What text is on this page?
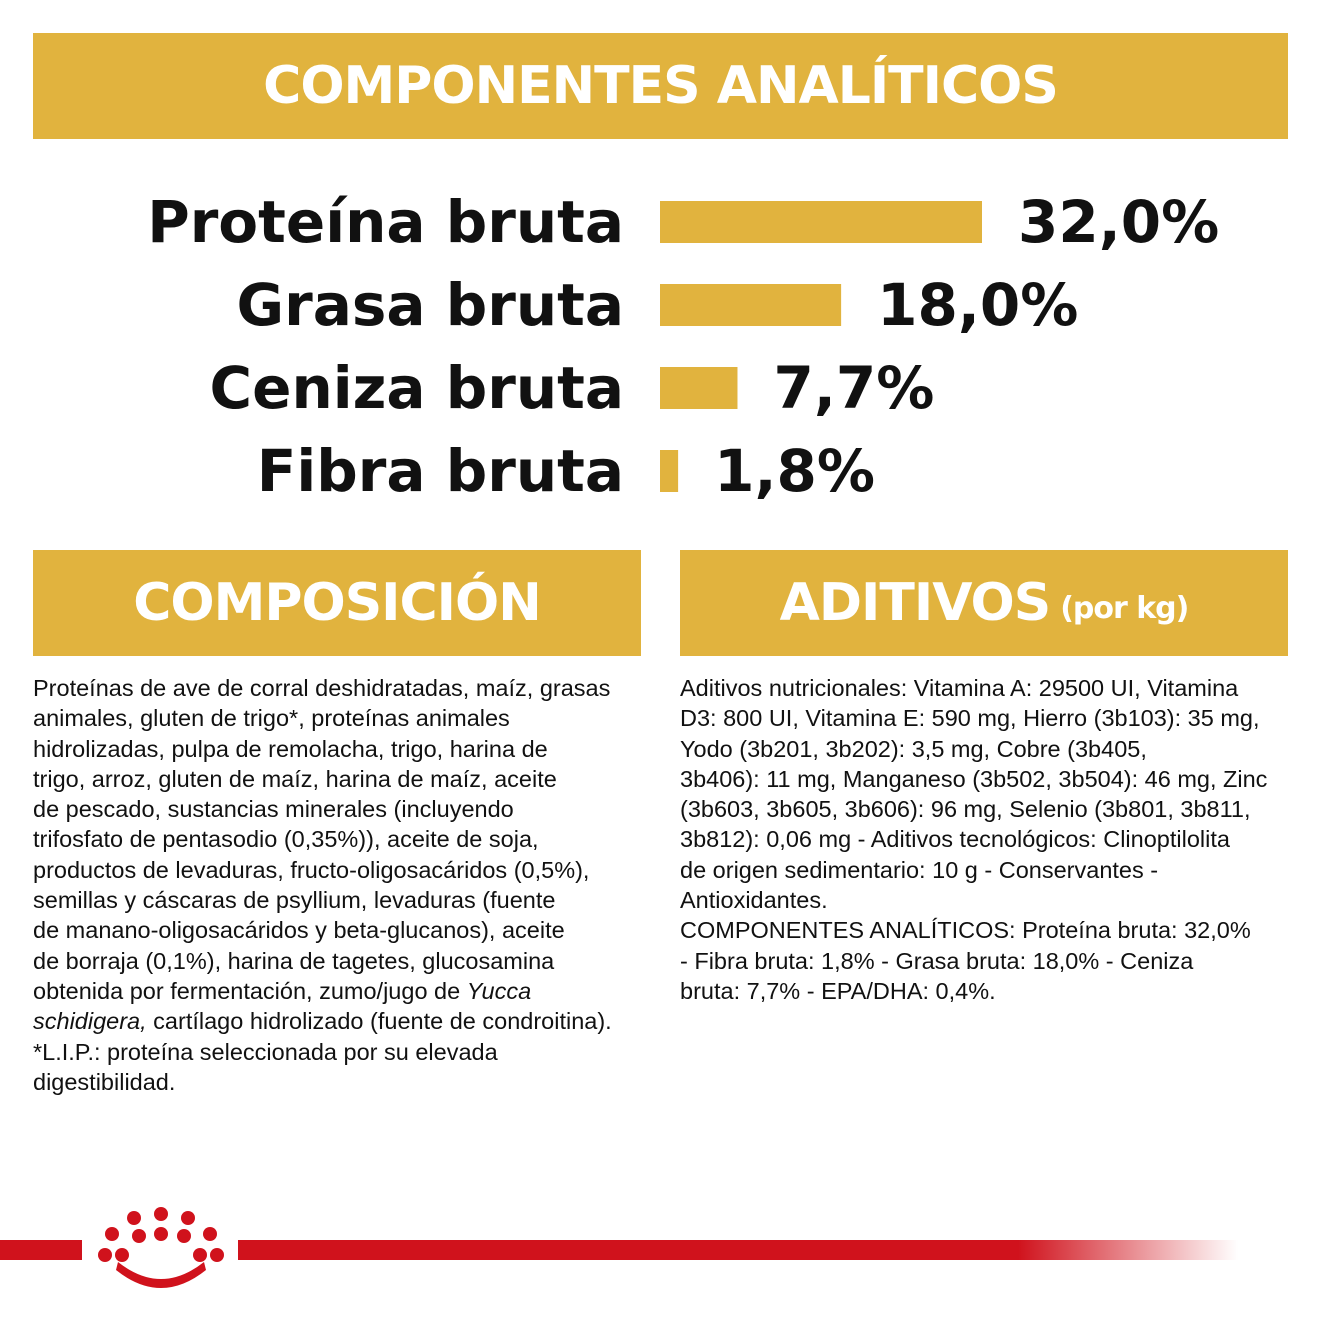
COMPONENTES ANALÍTICOS
Proteína bruta	32,0%
Grasa bruta	18,0%
Ceniza bruta	7,7%
Fibra bruta 1,8%
COMPOSICIÓN
Proteínas de ave de corral deshidratadas, maíz, grasas
animales, gluten de trigo*, proteínas animales
hidrolizadas, pulpa de remolacha, trigo, harina de
trigo, arroz, gluten de maíz, harina de maíz, aceite
de pescado, sustancias minerales (incluyendo
trifosfato de pentasodio (0,35%)), aceite de soja,
productos de levaduras, fructo-oligosacáridos (0,5%),
semillas y cáscaras de psyllium, levaduras (fuente
de manano-oligosacáridos y beta-glucanos), aceite
de borraja (0,1%), harina de tagetes, glucosamina
obtenida por fermentación, zumo/jugo de Yucca
schidigera, cartílago hidrolizado (fuente de condroitina).
*L.I.P.: proteína seleccionada por su elevada
digestibilidad.
ADITIVOS (por kg)
Aditivos nutricionales: Vitamina A: 29500 UI, Vitamina
D3: 800 UI, Vitamina E: 590 mg, Hierro (3b103): 35 mg,
Yodo (3b201, 3b202): 3,5 mg, Cobre (3b405,
3b406): 11 mg, Manganeso (3b502, 3b504): 46 mg, Zinc
(3b603, 3b605, 3b606): 96 mg, Selenio (3b801, 3b811,
3b812): 0,06 mg - Aditivos tecnológicos: Clinoptilolita
de origen sedimentario: 10 g - Conservantes -
Antioxidantes.
COMPONENTES ANALÍTICOS: Proteína bruta: 32,0%
- Fibra bruta: 1,8% - Grasa bruta: 18,0% - Ceniza
bruta: 7,7% - EPA/DHA: 0,4%.
